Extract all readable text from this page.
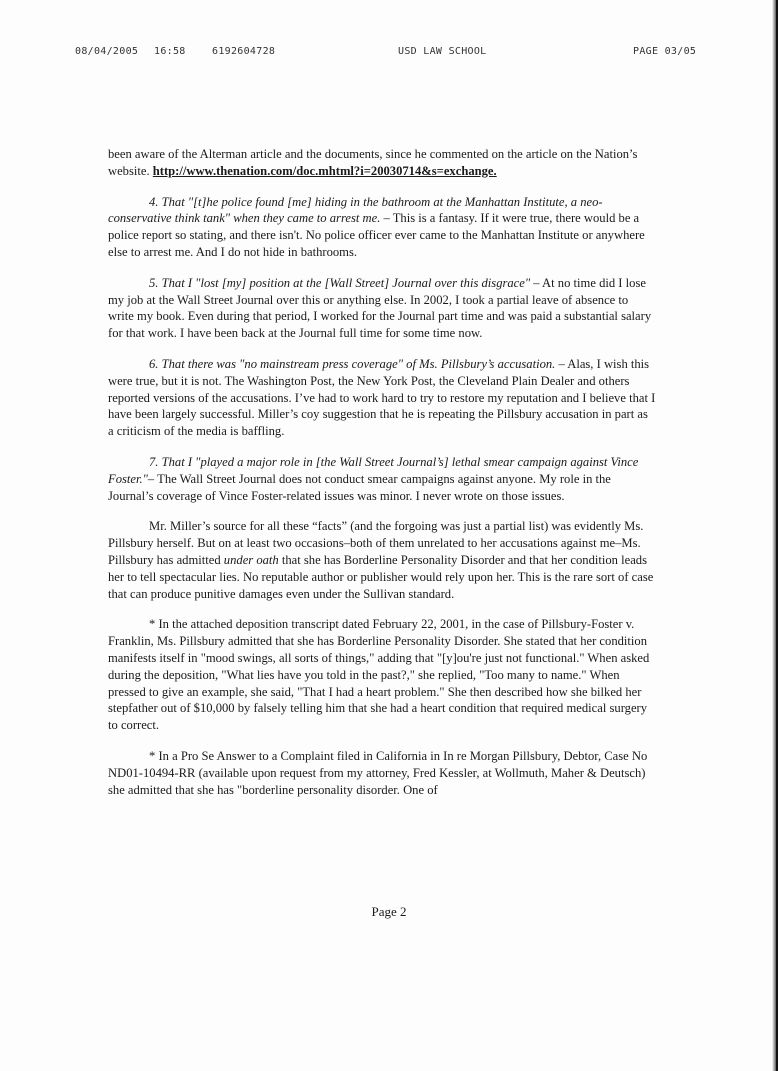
08/04/2005 16:58	6192604728	USD LAW SCHOOL	PAGE 03/05

been aware of the Alterman article and the documents, since he commented on the article on the Nation’s website. http://www.thenation.com/doc.mhtml?i=20030714&s=exchange.

4. That "[t]he police found [me] hiding in the bathroom at the Manhattan Institute, a neo-conservative think tank" when they came to arrest me. – This is a fantasy. If it were true, there would be a police report so stating, and there isn't. No police officer ever came to the Manhattan Institute or anywhere else to arrest me. And I do not hide in bathrooms.

5. That I "lost [my] position at the [Wall Street] Journal over this disgrace" – At no time did I lose my job at the Wall Street Journal over this or anything else. In 2002, I took a partial leave of absence to write my book. Even during that period, I worked for the Journal part time and was paid a substantial salary for that work. I have been back at the Journal full time for some time now.

6. That there was "no mainstream press coverage" of Ms. Pillsbury’s accusation. – Alas, I wish this were true, but it is not. The Washington Post, the New York Post, the Cleveland Plain Dealer and others reported versions of the accusations. I’ve had to work hard to try to restore my reputation and I believe that I have been largely successful. Miller’s coy suggestion that he is repeating the Pillsbury accusation in part as a criticism of the media is baffling.

7. That I "played a major role in [the Wall Street Journal’s] lethal smear campaign against Vince Foster."– The Wall Street Journal does not conduct smear campaigns against anyone. My role in the Journal’s coverage of Vince Foster-related issues was minor. I never wrote on those issues.

Mr. Miller’s source for all these “facts” (and the forgoing was just a partial list) was evidently Ms. Pillsbury herself. But on at least two occasions–both of them unrelated to her accusations against me–Ms. Pillsbury has admitted under oath that she has Borderline Personality Disorder and that her condition leads her to tell spectacular lies. No reputable author or publisher would rely upon her. This is the rare sort of case that can produce punitive damages even under the Sullivan standard.

* In the attached deposition transcript dated February 22, 2001, in the case of Pillsbury-Foster v. Franklin, Ms. Pillsbury admitted that she has Borderline Personality Disorder. She stated that her condition manifests itself in "mood swings, all sorts of things," adding that "[y]ou're just not functional." When asked during the deposition, "What lies have you told in the past?," she replied, "Too many to name." When pressed to give an example, she said, "That I had a heart problem." She then described how she bilked her stepfather out of $10,000 by falsely telling him that she had a heart condition that required medical surgery to correct.

* In a Pro Se Answer to a Complaint filed in California in In re Morgan Pillsbury, Debtor, Case No ND01-10494-RR (available upon request from my attorney, Fred Kessler, at Wollmuth, Maher & Deutsch) she admitted that she has "borderline personality disorder. One of

Page 2
